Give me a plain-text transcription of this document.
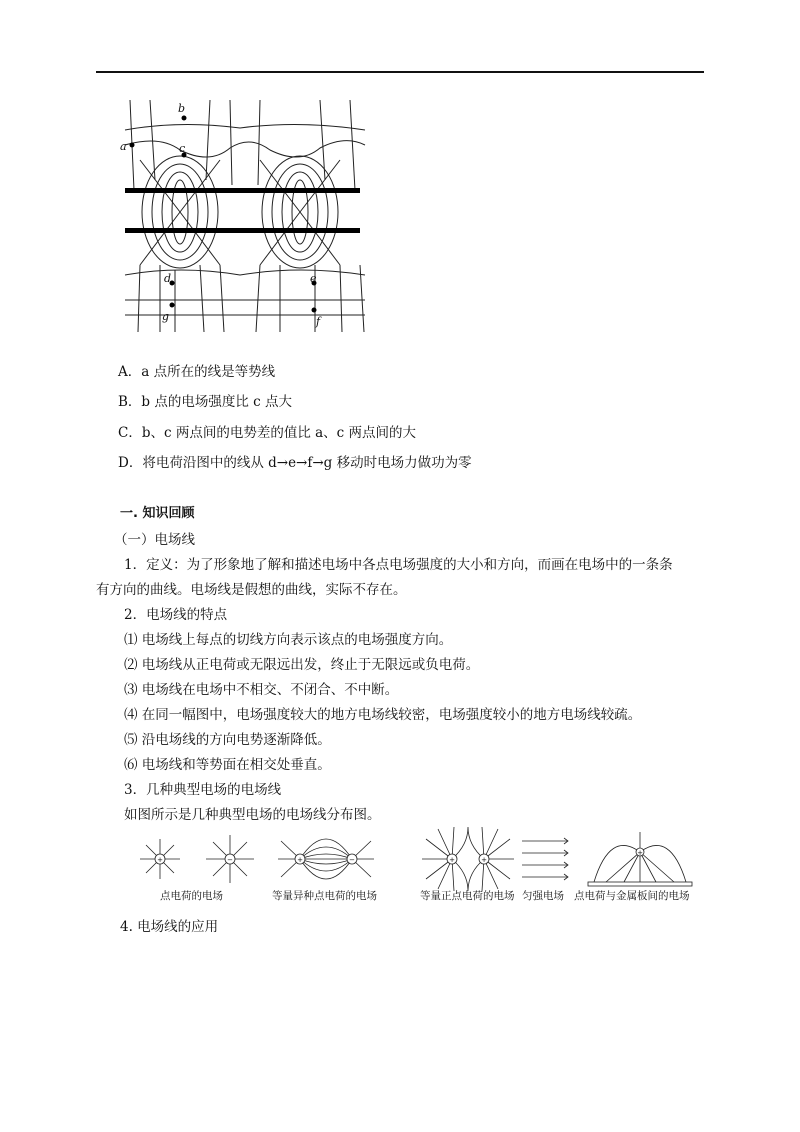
a
b
c
d	e
f
g
A．a 点所在的线是等势线
B．b 点的电场强度比 c 点大
C．b、c 两点间的电势差的值比 a、c 两点间的大
D．将电荷沿图中的线从 d→e→f→g 移动时电场力做功为零
一. 知识回顾
（一）电场线
1．定义：为了形象地了解和描述电场中各点电场强度的大小和方向，而画在电场中的一条条
有方向的曲线。电场线是假想的曲线，实际不存在。
2．电场线的特点
⑴ 电场线上每点的切线方向表示该点的电场强度方向。
⑵ 电场线从正电荷或无限远出发，终止于无限远或负电荷。
⑶ 电场线在电场中不相交、不闭合、不中断。
⑷ 在同一幅图中，电场强度较大的地方电场线较密，电场强度较小的地方电场线较疏。
⑸ 沿电场线的方向电势逐渐降低。
⑹ 电场线和等势面在相交处垂直。
3．几种典型电场的电场线
如图所示是几种典型电场的电场线分布图。
+	−	+	−	+	+
+
点电荷的电场	等量异种点电荷的电场	等量正点电荷的电场 匀强电场 点电荷与金属板间的电场
4. 电场线的应用
